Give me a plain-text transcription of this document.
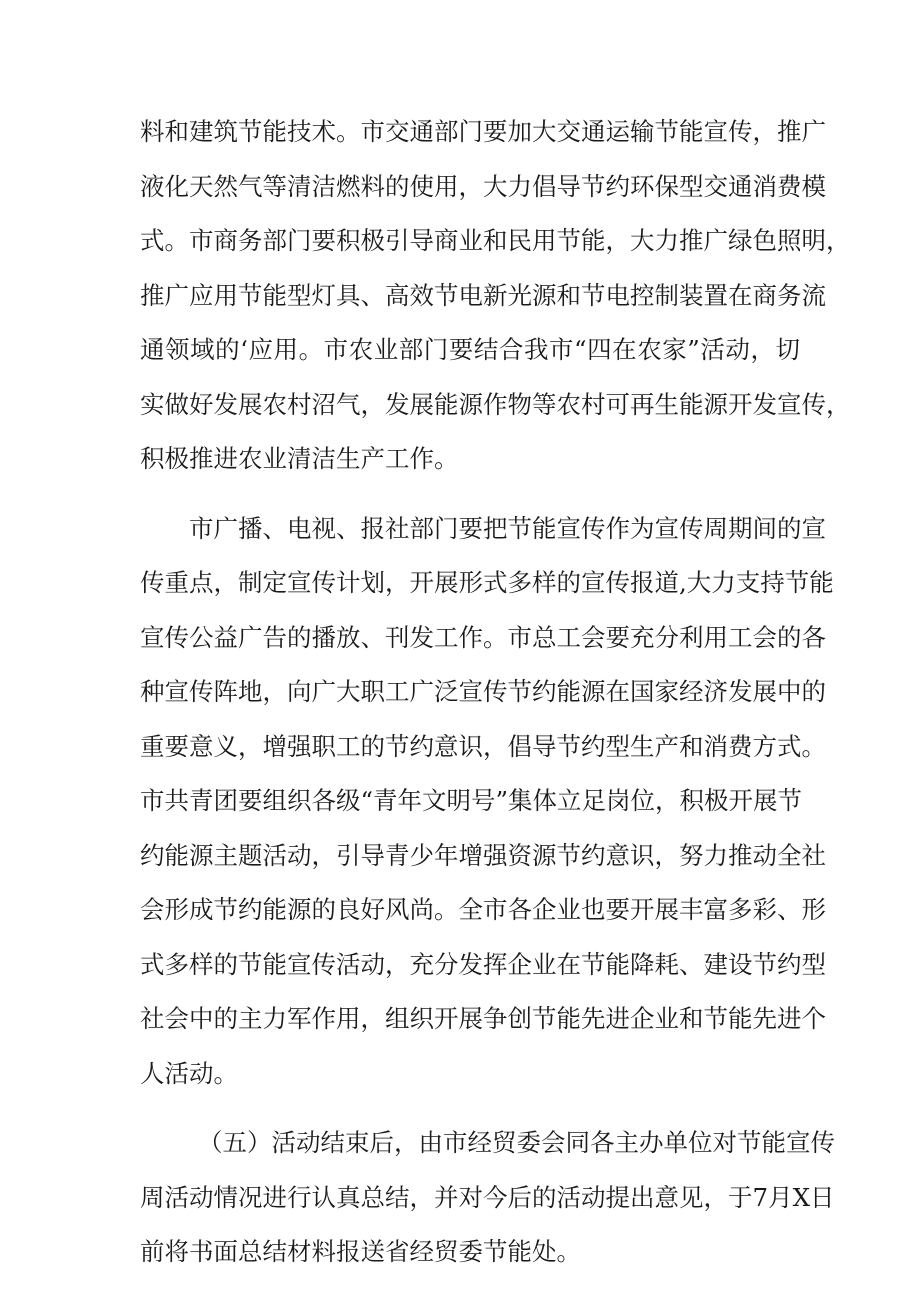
料和建筑节能技术。市交通部门要加大交通运输节能宣传，推广
液化天然气等清洁燃料的使用，大力倡导节约环保型交通消费模
式。市商务部门要积极引导商业和民用节能，大力推广绿色照明，
推广应用节能型灯具、高效节电新光源和节电控制装置在商务流
通领域的‘应用。市农业部门要结合我市“四在农家”活动，切
实做好发展农村沼气，发展能源作物等农村可再生能源开发宣传，
积极推进农业清洁生产工作。
市广播、电视、报社部门要把节能宣传作为宣传周期间的宣
传重点，制定宣传计划，开展形式多样的宣传报道,大力支持节能
宣传公益广告的播放、刊发工作。市总工会要充分利用工会的各
种宣传阵地，向广大职工广泛宣传节约能源在国家经济发展中的
重要意义，增强职工的节约意识，倡导节约型生产和消费方式。
市共青团要组织各级“青年文明号”集体立足岗位，积极开展节
约能源主题活动，引导青少年增强资源节约意识，努力推动全社
会形成节约能源的良好风尚。全市各企业也要开展丰富多彩、形
式多样的节能宣传活动，充分发挥企业在节能降耗、建设节约型
社会中的主力军作用，组织开展争创节能先进企业和节能先进个
人活动。
（五）活动结束后，由市经贸委会同各主办单位对节能宣传
周活动情况进行认真总结，并对今后的活动提出意见，于7月X日
前将书面总结材料报送省经贸委节能处。
